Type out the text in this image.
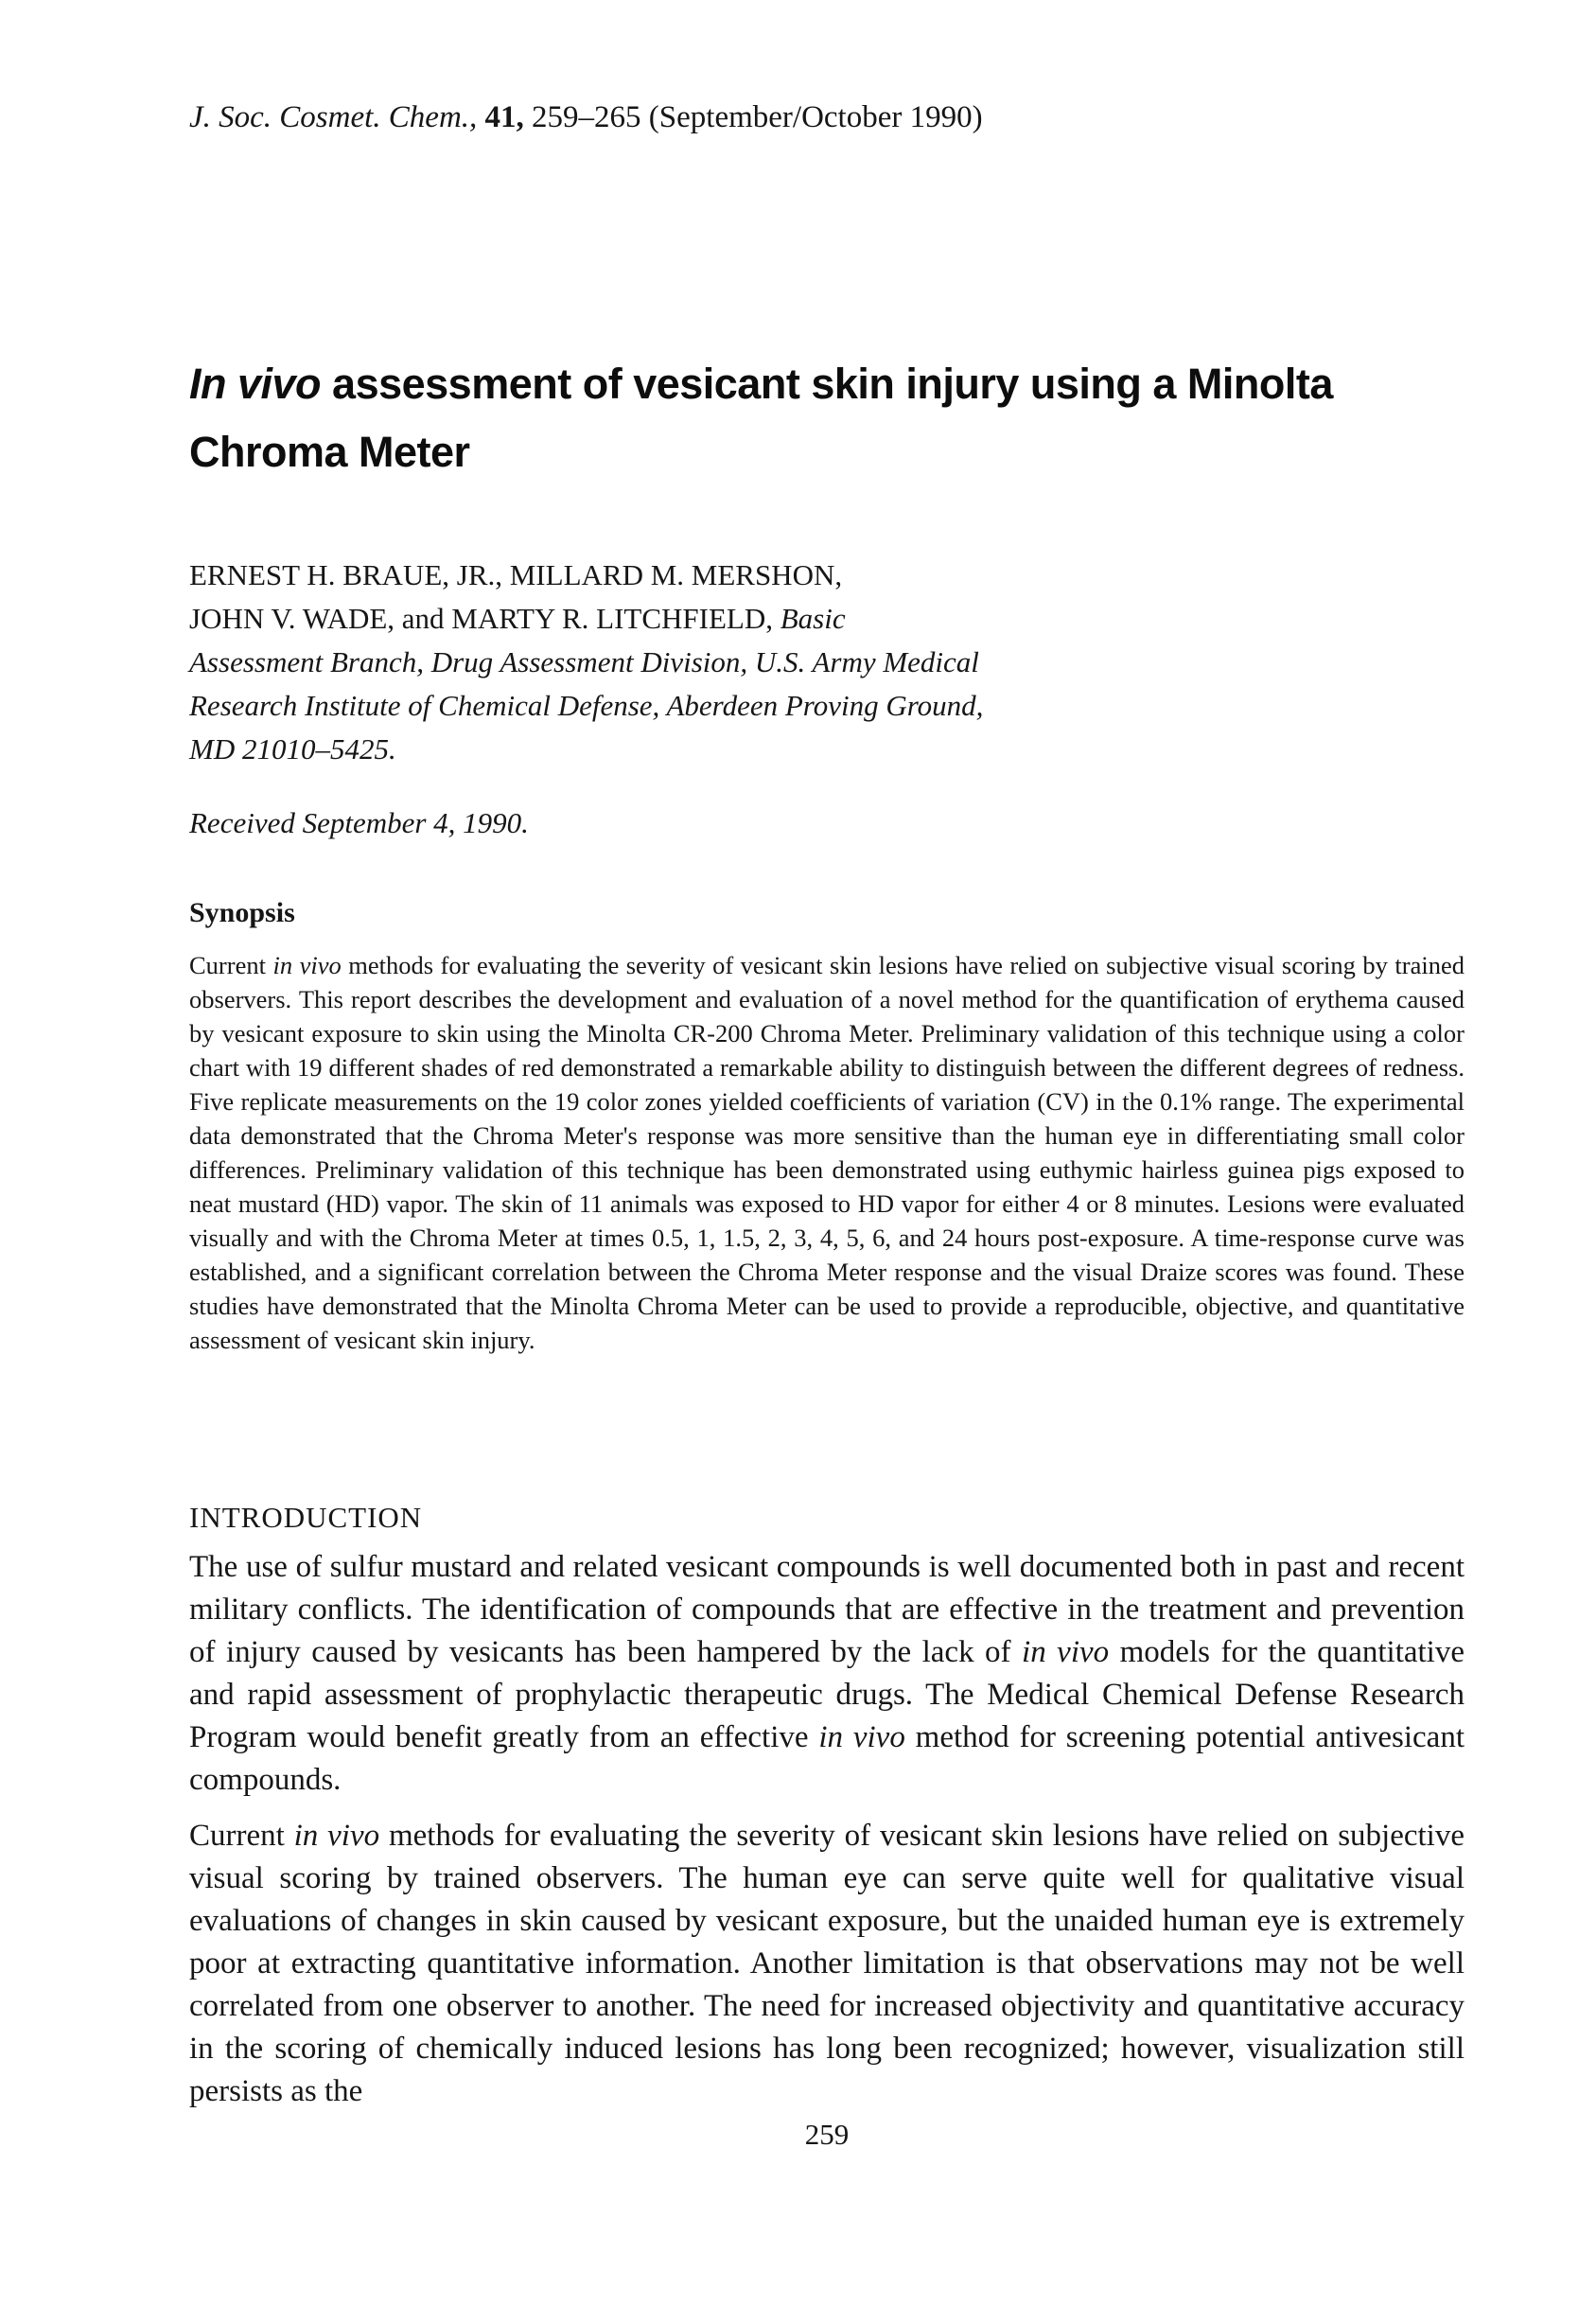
J. Soc. Cosmet. Chem., 41, 259–265 (September/October 1990)
In vivo assessment of vesicant skin injury using a Minolta
Chroma Meter
ERNEST H. BRAUE, JR., MILLARD M. MERSHON,
JOHN V. WADE, and MARTY R. LITCHFIELD, Basic
Assessment Branch, Drug Assessment Division, U.S. Army Medical
Research Institute of Chemical Defense, Aberdeen Proving Ground,
MD 21010–5425.
Received September 4, 1990.
Synopsis
Current in vivo methods for evaluating the severity of vesicant skin lesions have relied on subjective visual scoring by trained observers. This report describes the development and evaluation of a novel method for the quantification of erythema caused by vesicant exposure to skin using the Minolta CR-200 Chroma Meter. Preliminary validation of this technique using a color chart with 19 different shades of red demonstrated a remarkable ability to distinguish between the different degrees of redness. Five replicate measurements on the 19 color zones yielded coefficients of variation (CV) in the 0.1% range. The experimental data demonstrated that the Chroma Meter's response was more sensitive than the human eye in differentiating small color differences. Preliminary validation of this technique has been demonstrated using euthymic hairless guinea pigs exposed to neat mustard (HD) vapor. The skin of 11 animals was exposed to HD vapor for either 4 or 8 minutes. Lesions were evaluated visually and with the Chroma Meter at times 0.5, 1, 1.5, 2, 3, 4, 5, 6, and 24 hours post-exposure. A time-response curve was established, and a significant correlation between the Chroma Meter response and the visual Draize scores was found. These studies have demonstrated that the Minolta Chroma Meter can be used to provide a reproducible, objective, and quantitative assessment of vesicant skin injury.
INTRODUCTION

The use of sulfur mustard and related vesicant compounds is well documented both in past and recent military conflicts. The identification of compounds that are effective in the treatment and prevention of injury caused by vesicants has been hampered by the lack of in vivo models for the quantitative and rapid assessment of prophylactic therapeutic drugs. The Medical Chemical Defense Research Program would benefit greatly from an effective in vivo method for screening potential antivesicant compounds.

Current in vivo methods for evaluating the severity of vesicant skin lesions have relied on subjective visual scoring by trained observers. The human eye can serve quite well for qualitative visual evaluations of changes in skin caused by vesicant exposure, but the unaided human eye is extremely poor at extracting quantitative information. Another limitation is that observations may not be well correlated from one observer to another. The need for increased objectivity and quantitative accuracy in the scoring of chemically induced lesions has long been recognized; however, visualization still persists as the

259
